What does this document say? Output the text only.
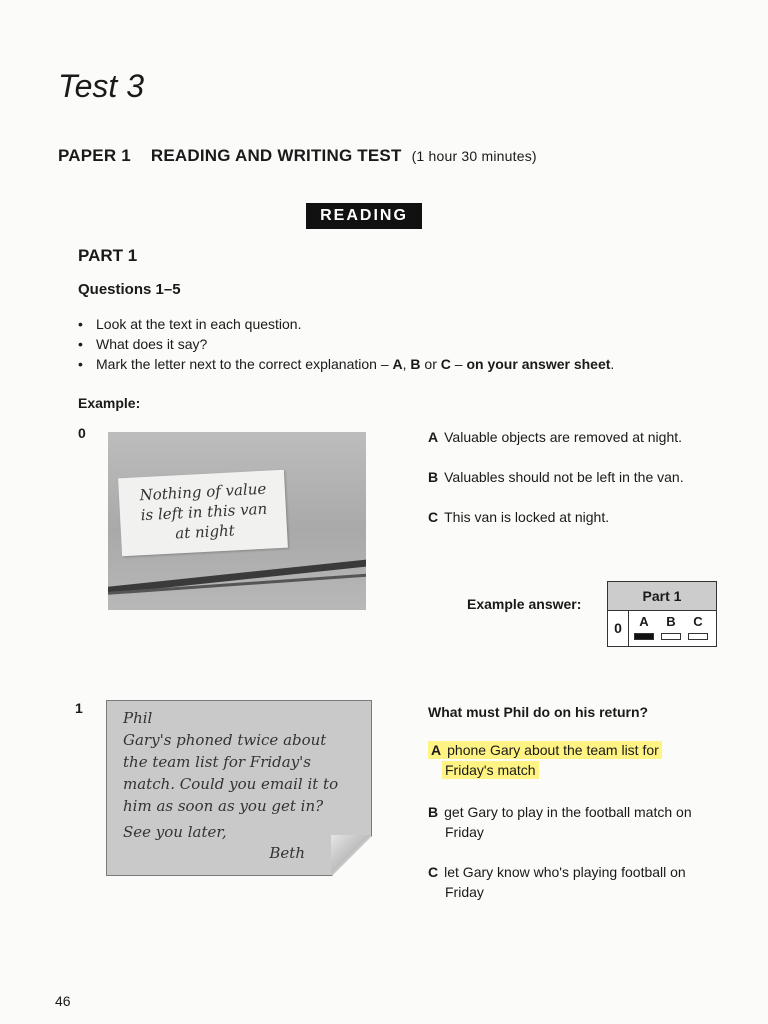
Test 3
PAPER 1 READING AND WRITING TEST (1 hour 30 minutes)
READING
PART 1
Questions 1–5
• Look at the text in each question.
• What does it say?
• Mark the letter next to the correct explanation – A, B or C – on your answer sheet.
Example:
0
Nothing of value
is left in this van
at night
A Valuable objects are removed at night.
B Valuables should not be left in the van.
C This van is locked at night.
Example answer:	Part 1
0	A	B	C
1
Phil
Gary's phoned twice about
the team list for Friday's
match. Could you email it to
him as soon as you get in?
See you later,
Beth
What must Phil do on his return?
A phone Gary about the team list for
Friday's match
B get Gary to play in the football match on
Friday
C let Gary know who's playing football on
Friday
46
